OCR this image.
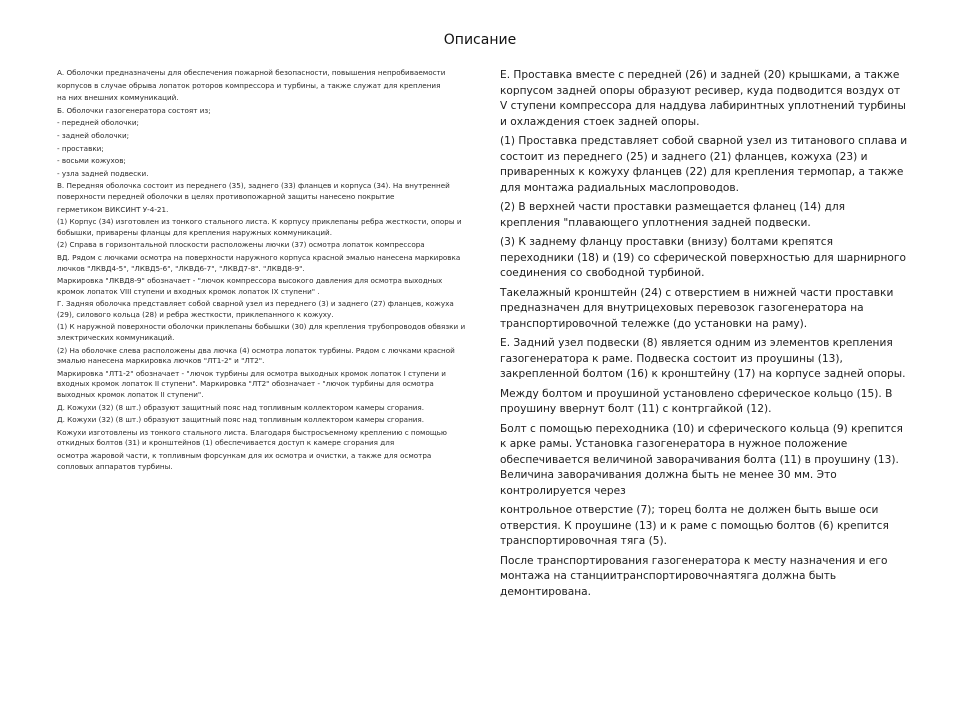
Описание

А. Оболочки предназначены для обеспечения пожарной безопасности, повышения непробиваемости

корпусов в случае обрыва лопаток роторов компрессора и турбины, а также служат для крепления

на них внешних коммуникаций.

Б. Оболочки газогенератора состоят из;

- передней оболочки;

- задней оболочки;

- проставки;

- восьми кожухов;

- узла задней подвески.

В. Передняя оболочка состоит из переднего (35), заднего (33) фланцев и корпуса (34). На внутренней поверхности передней оболочки в целях противопожарной защиты нанесено покрытие

герметиком ВИКСИНТ У-4-21.

(1) Корпус (34) изготовлен из тонкого стального листа. К корпусу приклепаны ребра жесткости, опоры и бобышки, приварены фланцы для крепления наружных коммуникаций.

(2) Справа в горизонтальной плоскости расположены лючки (37) осмотра лопаток компрессора

ВД. Рядом с лючками осмотра на поверхности наружного корпуса красной эмалью нанесена маркировка лючков "ЛКВД4-5", "ЛКВД5-6", "ЛКВД6-7", "ЛКВД7-8". "ЛКВД8-9".

Маркировка "ЛКВД8-9" обозначает - "лючок компрессора высокого давления для осмотра выходных кромок лопаток VIII ступени и входных кромок лопаток IX ступени" .

Г. Задняя оболочка представляет собой сварной узел из переднего (3) и заднего (27) фланцев, кожуха (29), силового кольца (28) и ребра жесткости, приклепанного к кожуху.

(1) К наружной поверхности оболочки приклепаны бобышки (30) для крепления трубопроводов обвязки и электрических коммуникаций.

(2) На оболочке слева расположены два лючка (4) осмотра лопаток турбины. Рядом с лючками красной эмалью нанесена маркировка лючков "ЛТ1-2" и "ЛТ2".

Маркировка "ЛТ1-2" обозначает - "лючок турбины для осмотра выходных кромок лопаток I ступени и входных кромок лопаток II ступени". Маркировка "ЛТ2" обозначает - "лючок турбины для осмотра выходных кромок лопаток II ступени".

Д. Кожухи (32) (8 шт.) образуют защитный пояс над топливным коллектором камеры сгорания.

Д. Кожухи (32) (8 шт.) образуют защитный пояс над топливным коллектором камеры сгорания.

Кожухи изготовлены из тонкого стального листа. Благодаря быстросъемному креплению с помощью откидных болтов (31) и кронштейнов (1) обеспечивается доступ к камере сгорания для

осмотра жаровой части, к топливным форсункам для их осмотра и очистки, а также для осмотра сопловых аппаратов турбины.

Е. Проставка вместе с передней (26) и задней (20) крышками, а также корпусом задней опоры образуют ресивер, куда подводится воздух от V ступени компрессора для наддува лабиринтных уплотнений турбины и охлаждения стоек задней опоры.

(1) Проставка представляет собой сварной узел из титанового сплава и состоит из переднего (25) и заднего (21) фланцев, кожуха (23) и приваренных к кожуху фланцев (22) для крепления термопар, а также для монтажа радиальных маслопроводов.

(2) В верхней части проставки размещается фланец (14) для крепления "плавающего уплотнения задней подвески.

(3) К заднему фланцу проставки (внизу) болтами крепятся переходники (18) и (19) со сферической поверхностью для шарнирного соединения со свободной турбиной.

Такелажный кронштейн (24) с отверстием в нижней части проставки предназначен для внутрицеховых перевозок газогенератора на транспортировочной тележке (до установки на раму).

Е. Задний узел подвески (8) является одним из элементов крепления газогенератора к раме. Подвеска состоит из проушины (13), закрепленной болтом (16) к кронштейну (17) на корпусе задней опоры.

Между болтом и проушиной установлено сферическое кольцо (15). В проушину ввернут болт (11) с контргайкой (12).

Болт с помощью переходника (10) и сферического кольца (9) крепится к арке рамы. Установка газогенератора в нужное положение обеспечивается величиной заворачивания болта (11) в проушину (13). Величина заворачивания должна быть не менее 30 мм. Это контролируется через

контрольное отверстие (7); торец болта не должен быть выше оси отверстия. К проушине (13) и к раме с помощью болтов (6) крепится транспортировочная тяга (5).

После транспортирования газогенератора к месту назначения и его монтажа на станциитранспортировочнаятяга должна быть демонтирована.
